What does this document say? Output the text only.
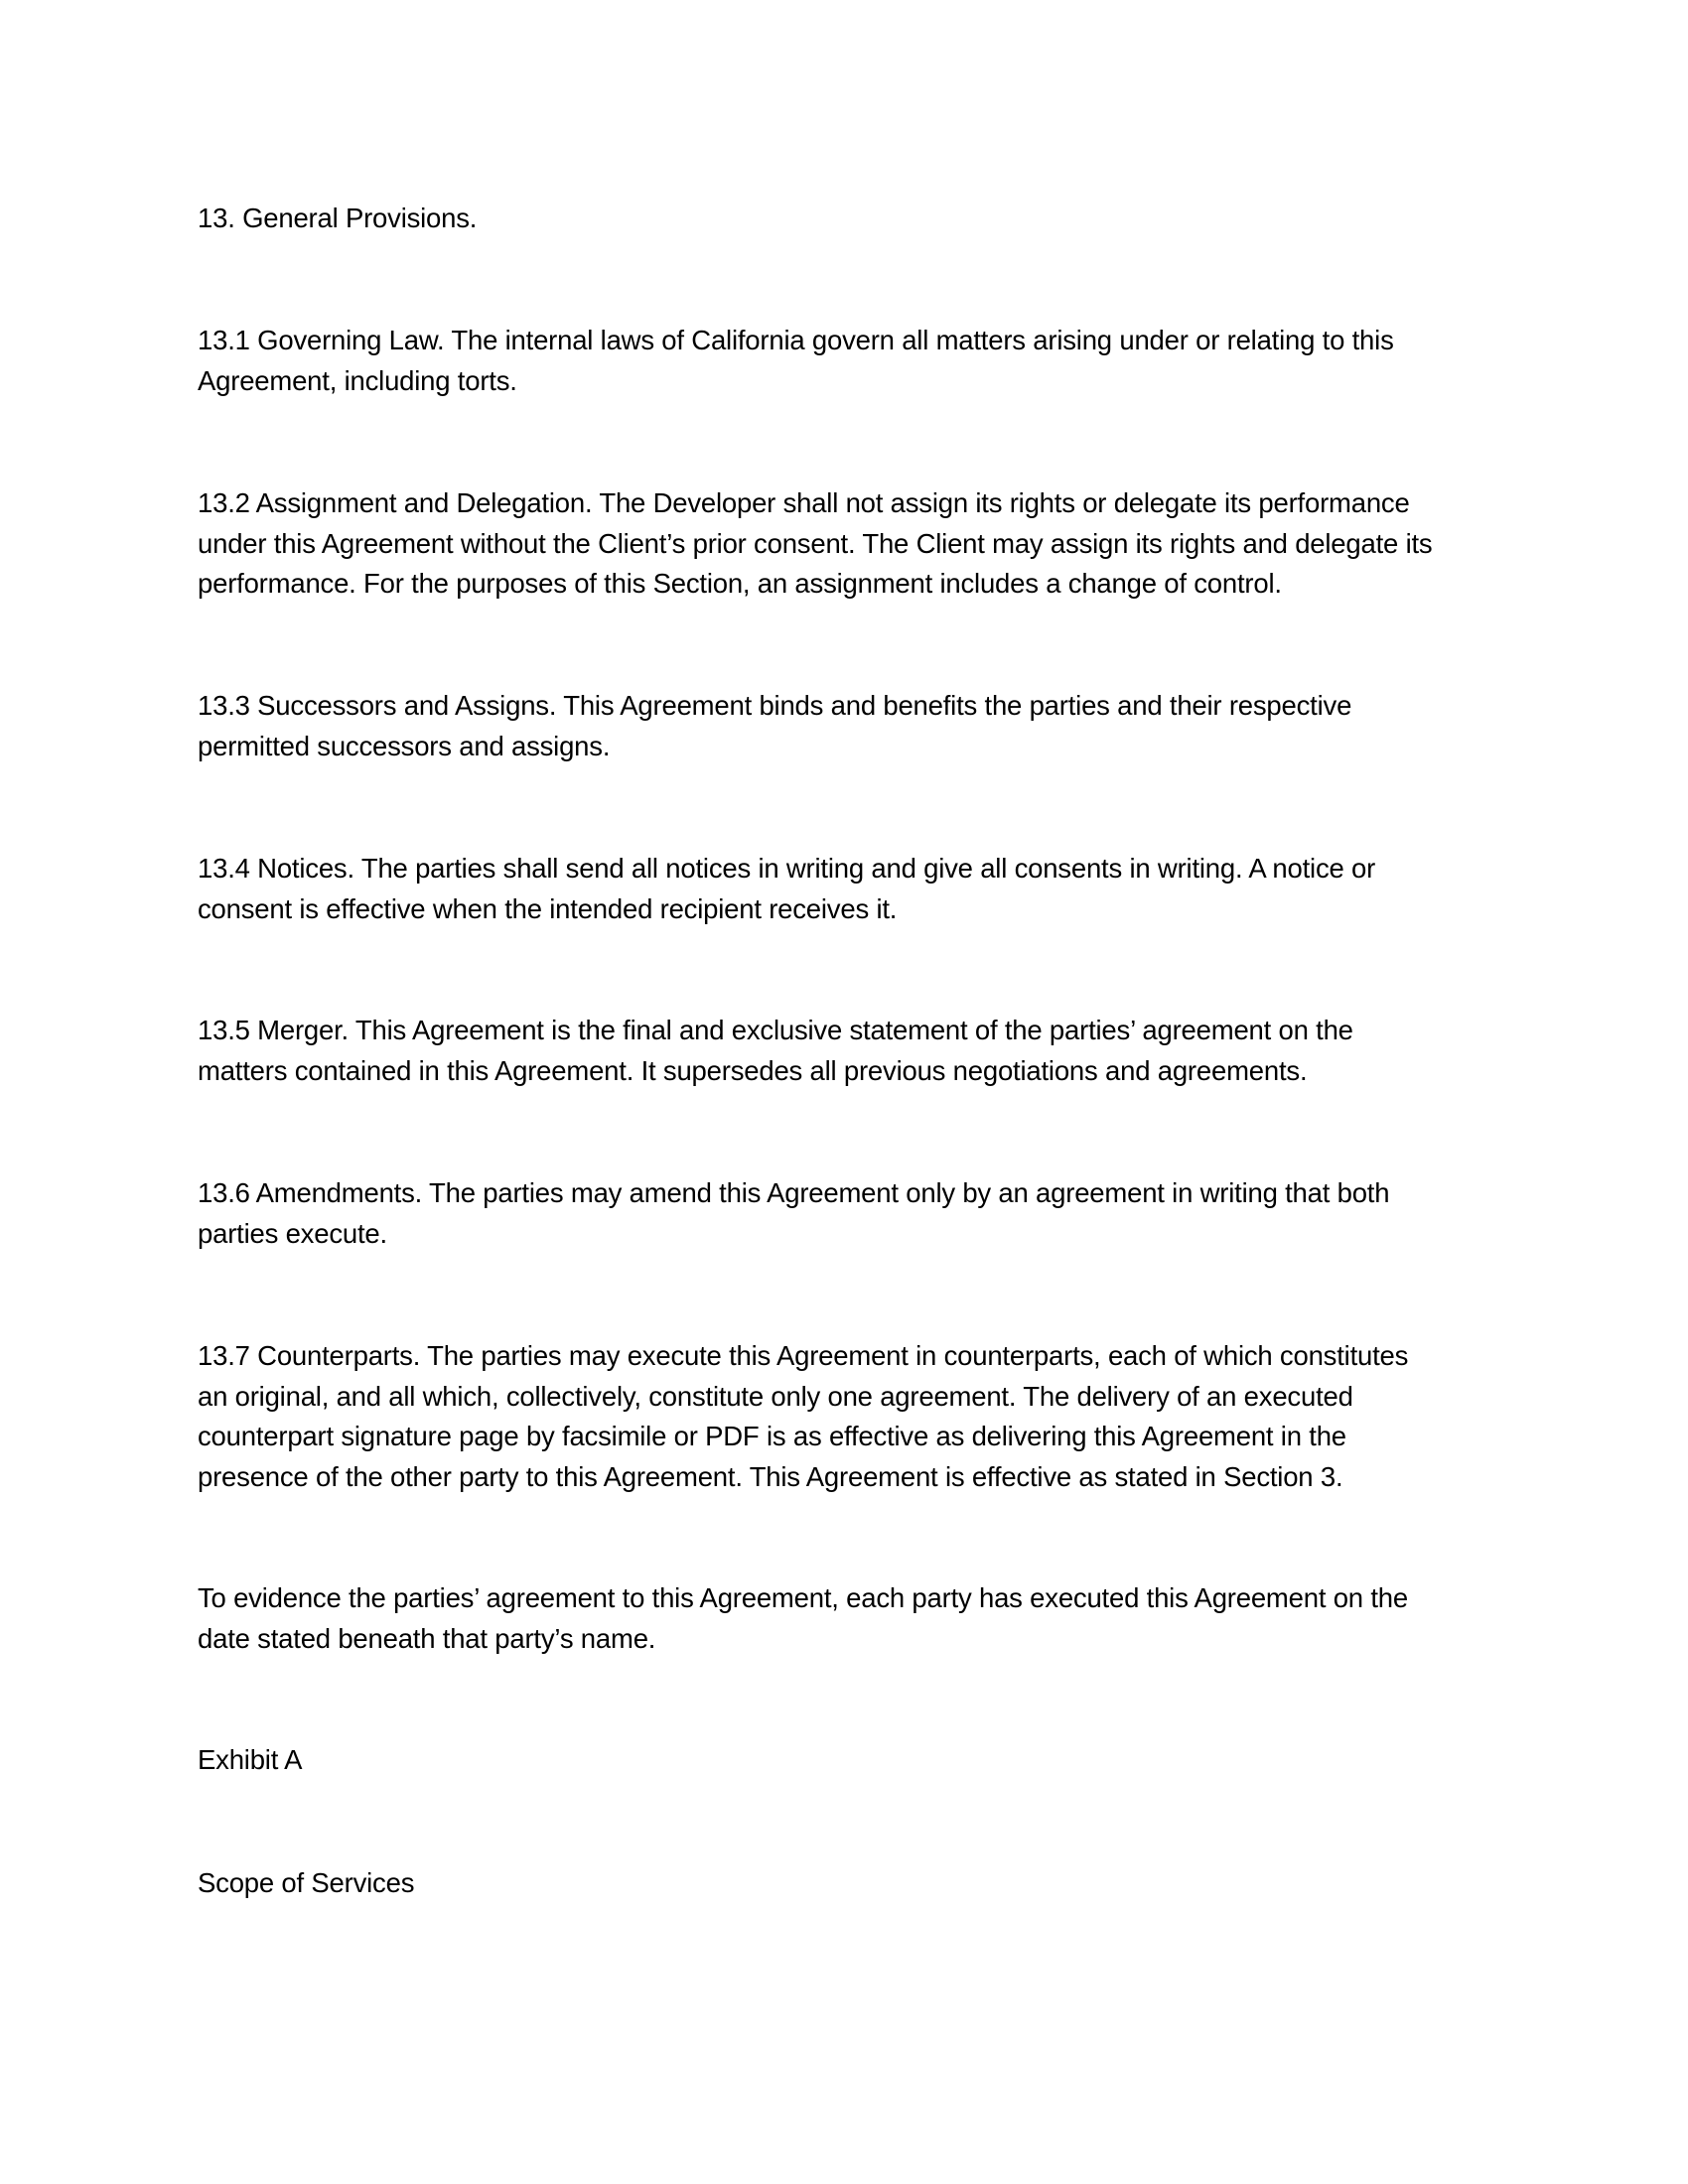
13. General Provisions.

13.1 Governing Law. The internal laws of California govern all matters arising under or relating to this
Agreement, including torts.

13.2 Assignment and Delegation. The Developer shall not assign its rights or delegate its performance
under this Agreement without the Client’s prior consent. The Client may assign its rights and delegate its
performance. For the purposes of this Section, an assignment includes a change of control.

13.3 Successors and Assigns. This Agreement binds and benefits the parties and their respective
permitted successors and assigns.

13.4 Notices. The parties shall send all notices in writing and give all consents in writing. A notice or
consent is effective when the intended recipient receives it.

13.5 Merger. This Agreement is the final and exclusive statement of the parties’ agreement on the
matters contained in this Agreement. It supersedes all previous negotiations and agreements.

13.6 Amendments. The parties may amend this Agreement only by an agreement in writing that both
parties execute.

13.7 Counterparts. The parties may execute this Agreement in counterparts, each of which constitutes
an original, and all which, collectively, constitute only one agreement. The delivery of an executed
counterpart signature page by facsimile or PDF is as effective as delivering this Agreement in the
presence of the other party to this Agreement. This Agreement is effective as stated in Section 3.

To evidence the parties’ agreement to this Agreement, each party has executed this Agreement on the
date stated beneath that party’s name.

Exhibit A

Scope of Services
